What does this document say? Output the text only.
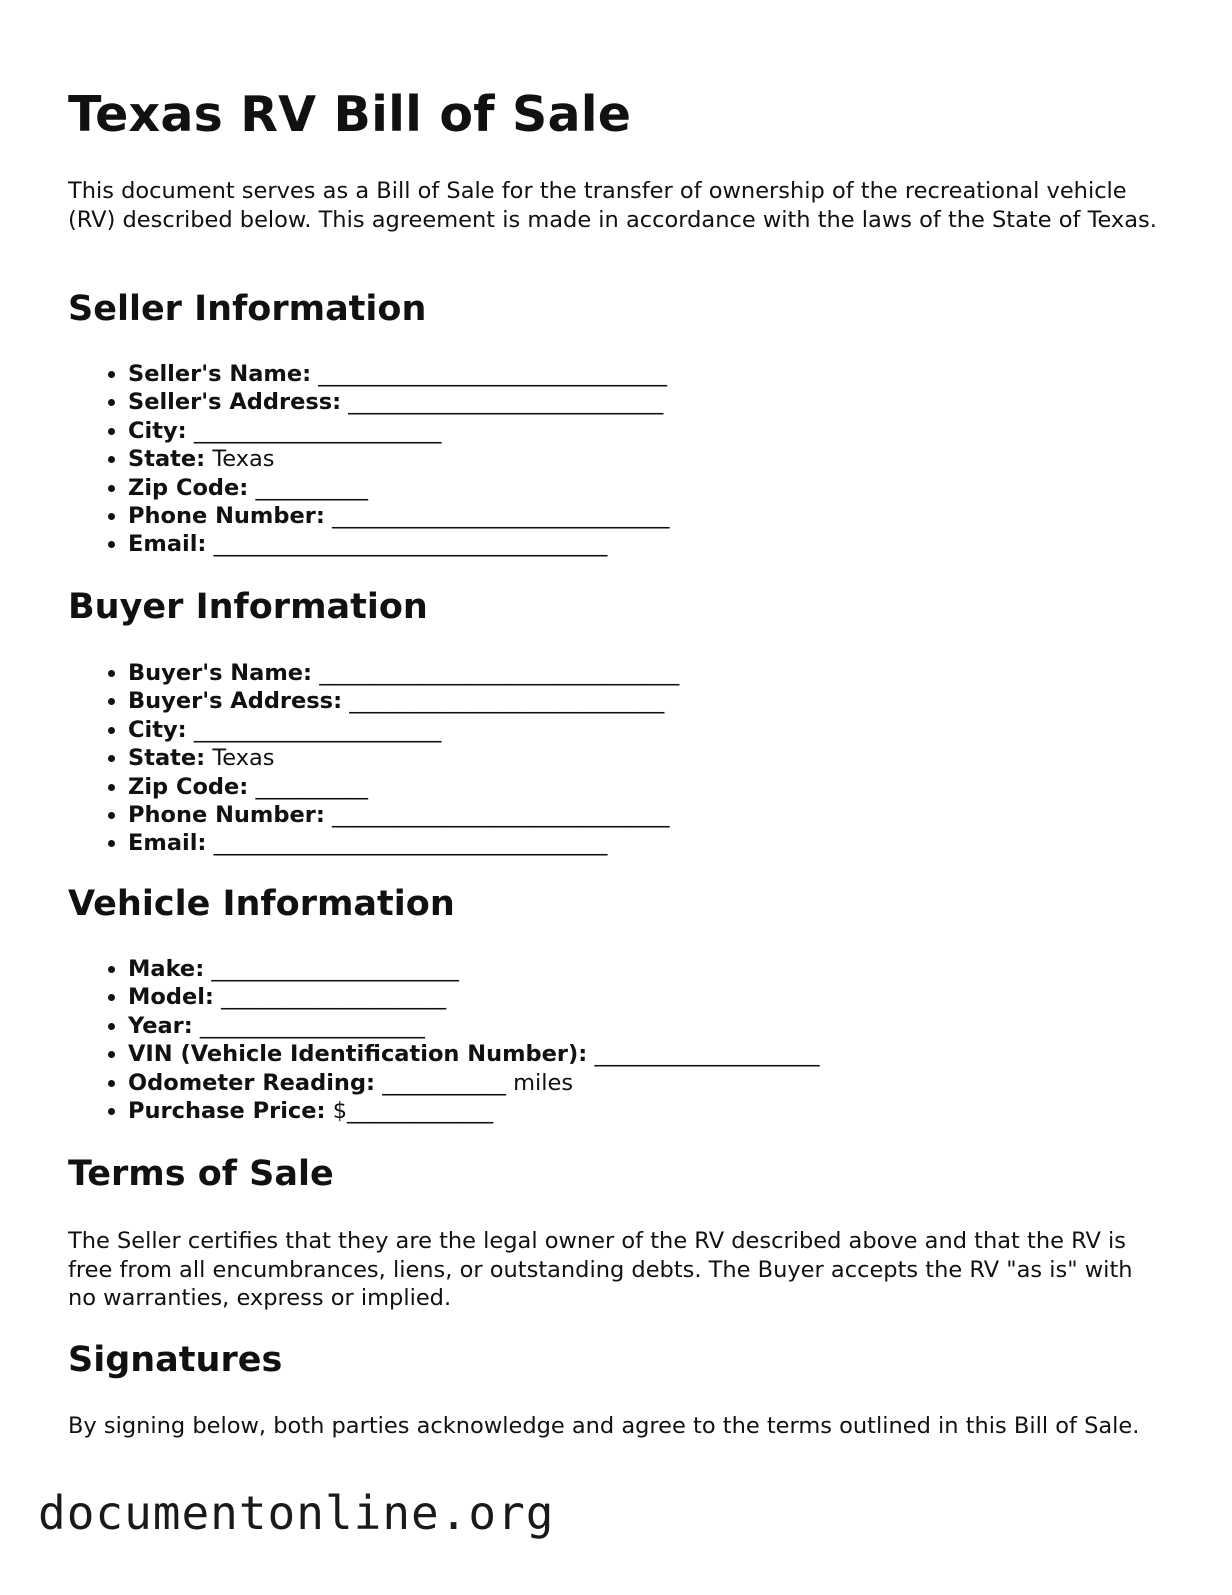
Texas RV Bill of Sale

This document serves as a Bill of Sale for the transfer of ownership of the recreational vehicle (RV) described below. This agreement is made in accordance with the laws of the State of Texas.

Seller Information
• Seller's Name: _______________________________
• Seller's Address: ____________________________
• City: ______________________
• State: Texas
• Zip Code: __________
• Phone Number: ______________________________
• Email: ___________________________________
Buyer Information
• Buyer's Name: ________________________________
• Buyer's Address: ____________________________
• City: ______________________
• State: Texas
• Zip Code: __________
• Phone Number: ______________________________
• Email: ___________________________________
Vehicle Information
• Make: ______________________
• Model: ____________________
• Year: ____________________
• VIN (Vehicle Identification Number): ____________________
• Odometer Reading: ___________ miles
• Purchase Price: $_____________
Terms of Sale

The Seller certifies that they are the legal owner of the RV described above and that the RV is free from all encumbrances, liens, or outstanding debts. The Buyer accepts the RV "as is" with no warranties, express or implied.

Signatures

By signing below, both parties acknowledge and agree to the terms outlined in this Bill of Sale.

documentonline.org
